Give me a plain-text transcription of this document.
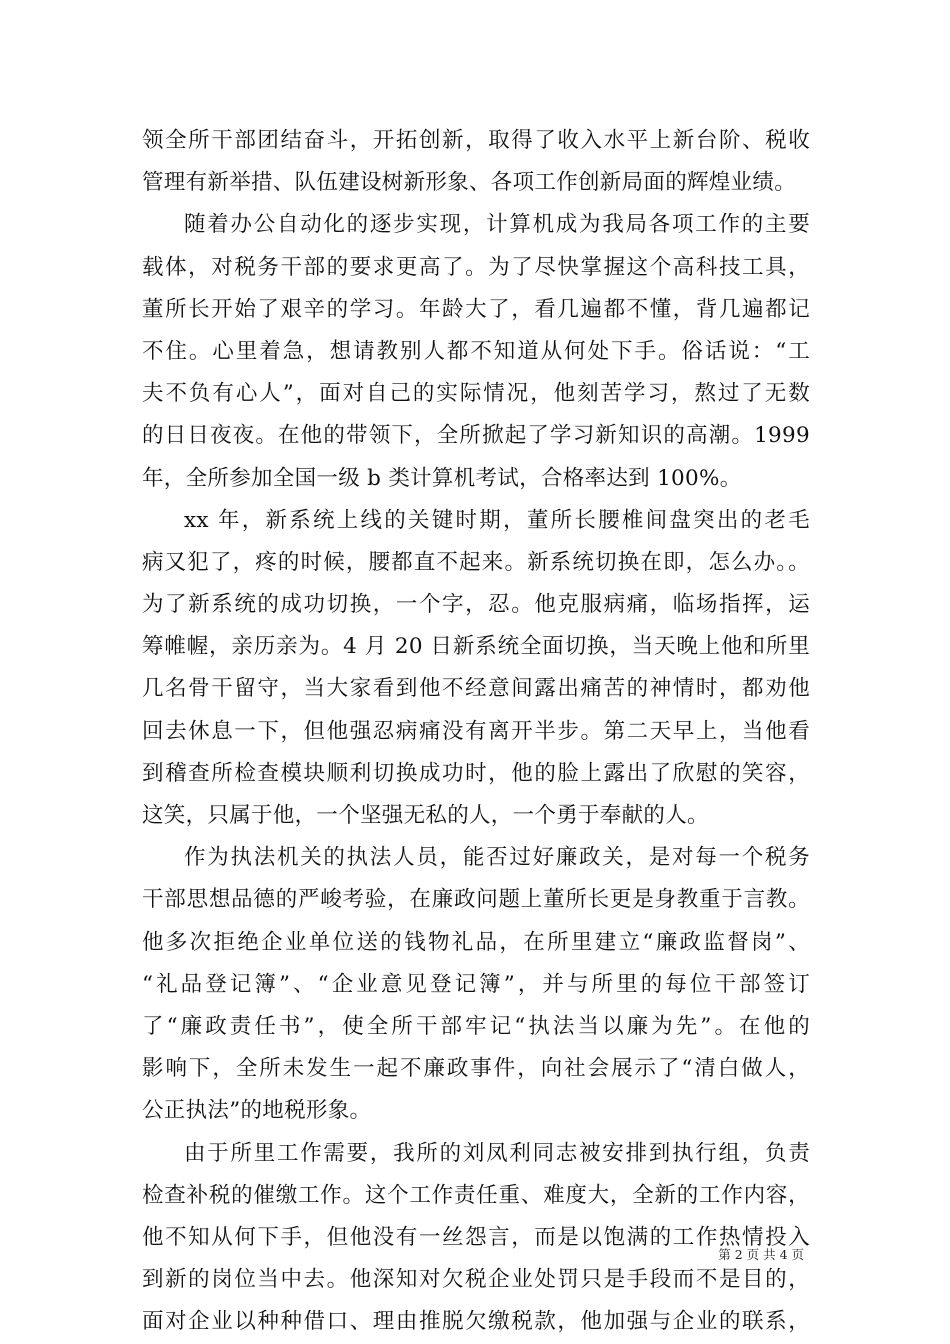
领全所干部团结奋斗，开拓创新，取得了收入水平上新台阶、税收
管理有新举措、队伍建设树新形象、各项工作创新局面的辉煌业绩。
随着办公自动化的逐步实现，计算机成为我局各项工作的主要
载体，对税务干部的要求更高了。为了尽快掌握这个高科技工具，
董所长开始了艰辛的学习。年龄大了，看几遍都不懂，背几遍都记
不住。心里着急，想请教别人都不知道从何处下手。俗话说：“工
夫不负有心人”，面对自己的实际情况，他刻苦学习，熬过了无数
的日日夜夜。在他的带领下，全所掀起了学习新知识的高潮。1999
年，全所参加全国一级 b 类计算机考试，合格率达到 100%。
xx 年，新系统上线的关键时期，董所长腰椎间盘突出的老毛
病又犯了，疼的时候，腰都直不起来。新系统切换在即，怎么办。。
为了新系统的成功切换，一个字，忍。他克服病痛，临场指挥，运
筹帷幄，亲历亲为。4 月 20 日新系统全面切换，当天晚上他和所里
几名骨干留守，当大家看到他不经意间露出痛苦的神情时，都劝他
回去休息一下，但他强忍病痛没有离开半步。第二天早上，当他看
到稽查所检查模块顺利切换成功时，他的脸上露出了欣慰的笑容，
这笑，只属于他，一个坚强无私的人，一个勇于奉献的人。
作为执法机关的执法人员，能否过好廉政关，是对每一个税务
干部思想品德的严峻考验，在廉政问题上董所长更是身教重于言教。
他多次拒绝企业单位送的钱物礼品，在所里建立“廉政监督岗”、
“礼品登记簿”、“企业意见登记簿”，并与所里的每位干部签订
了“廉政责任书”，使全所干部牢记“执法当以廉为先”。在他的
影响下，全所未发生一起不廉政事件，向社会展示了“清白做人，
公正执法”的地税形象。
由于所里工作需要，我所的刘凤利同志被安排到执行组，负责
检查补税的催缴工作。这个工作责任重、难度大，全新的工作内容，
他不知从何下手，但他没有一丝怨言，而是以饱满的工作热情投入
到新的岗位当中去。他深知对欠税企业处罚只是手段而不是目的，
面对企业以种种借口、理由推脱欠缴税款，他加强与企业的联系，
第 2 页 共 4 页
